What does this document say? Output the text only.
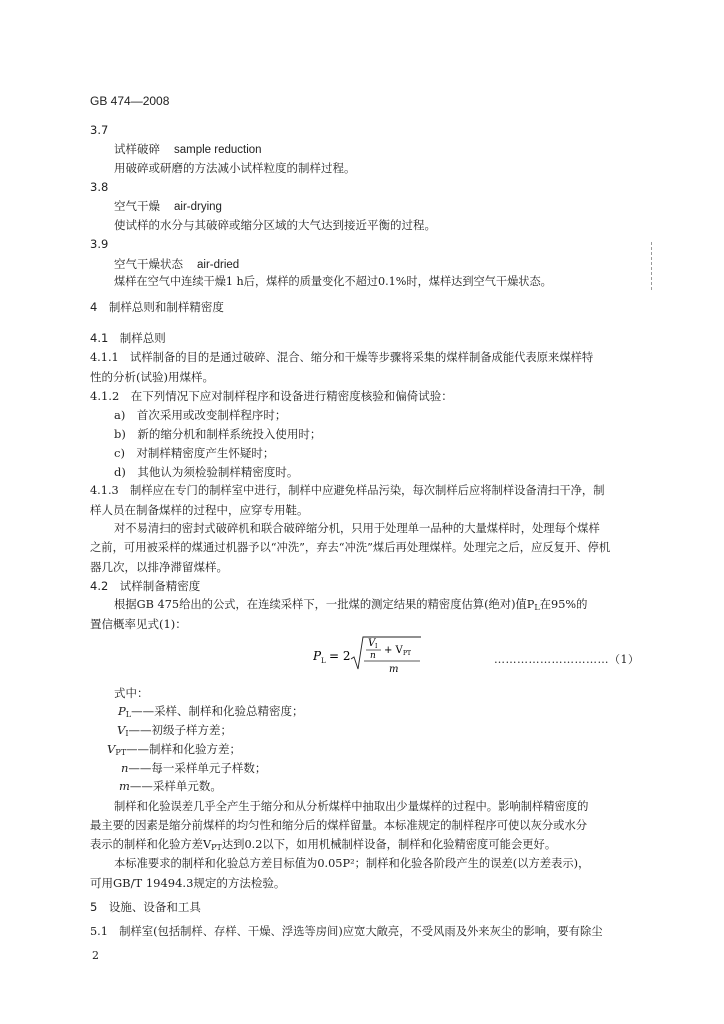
GB 474—2008
3.7
试样破碎 sample reduction
用破碎或研磨的方法减小试样粒度的制样过程。
3.8
空气干燥 air-drying
使试样的水分与其破碎或缩分区域的大气达到接近平衡的过程。
3.9
空气干燥状态 air-dried
煤样在空气中连续干燥1 h后，煤样的质量变化不超过0.1%时，煤样达到空气干燥状态。
4　制样总则和制样精密度
4.1　制样总则
4.1.1　试样制备的目的是通过破碎、混合、缩分和干燥等步骤将采集的煤样制备成能代表原来煤样特
性的分析(试验)用煤样。
4.1.2　在下列情况下应对制样程序和设备进行精密度核验和偏倚试验：
a)　首次采用或改变制样程序时；
b)　新的缩分机和制样系统投入使用时；
c)　对制样精密度产生怀疑时；
d)　其他认为须检验制样精密度时。
4.1.3　制样应在专门的制样室中进行，制样中应避免样品污染，每次制样后应将制样设备清扫干净，制
样人员在制备煤样的过程中，应穿专用鞋。
对不易清扫的密封式破碎机和联合破碎缩分机，只用于处理单一品种的大量煤样时，处理每个煤样
之前，可用被采样的煤通过机器予以“冲洗”，弃去“冲洗”煤后再处理煤样。处理完之后，应反复开、停机
器几次，以排净滞留煤样。
4.2　试样制备精密度
根据GB 475给出的公式，在连续采样下，一批煤的测定结果的精密度估算(绝对)值$P_L$在95%的
置信概率见式(1)：
P L = 2
V I
n + V PT
m
…………………………（1）
式中：
$P_L——$采样、制样和化验总精密度；
$V_I——$初级子样方差；
$V_{PT}——$制样和化验方差；
n——每一采样单元子样数；
m——采样单元数。
制样和化验误差几乎全产生于缩分和从分析煤样中抽取出少量煤样的过程中。影响制样精密度的
最主要的因素是缩分前煤样的均匀性和缩分后的煤样留量。本标准规定的制样程序可使以灰分或水分
表示的制样和化验方差$V_{PT}$达到0.2以下，如用机械制样设备，制样和化验精密度可能会更好。
本标准要求的制样和化验总方差目标值为0.05P²；制样和化验各阶段产生的误差(以方差表示)，
可用GB/T 19494.3规定的方法检验。
5　设施、设备和工具
5.1　制样室(包括制样、存样、干燥、浮选等房间)应宽大敞亮，不受风雨及外来灰尘的影响，要有除尘
2
